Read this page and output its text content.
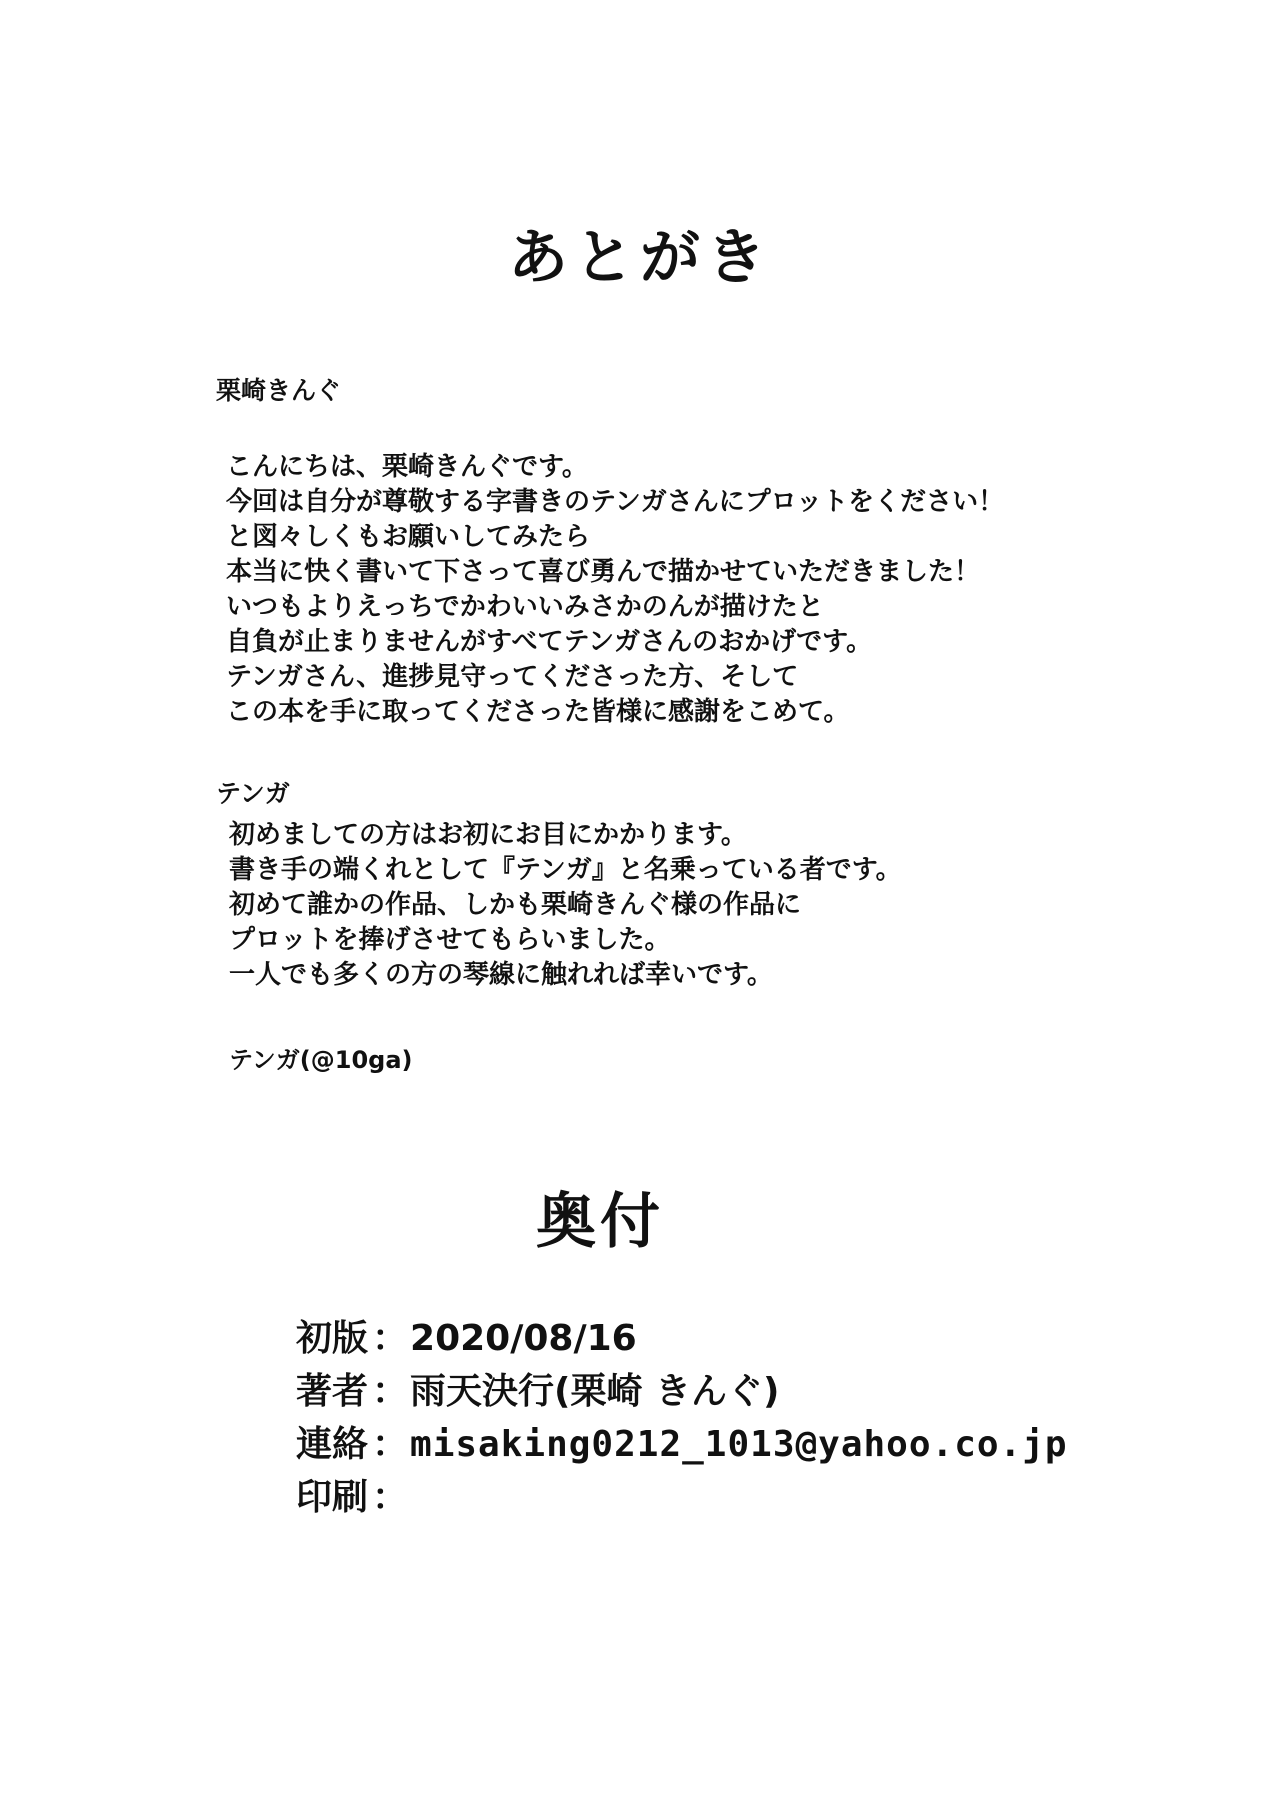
あとがき
栗崎きんぐ
こんにちは、栗崎きんぐです。
今回は自分が尊敬する字書きのテンガさんにプロットをください！
と図々しくもお願いしてみたら
本当に快く書いて下さって喜び勇んで描かせていただきました！
いつもよりえっちでかわいいみさかのんが描けたと
自負が止まりませんがすべてテンガさんのおかげです。
テンガさん、進捗見守ってくださった方、そして
この本を手に取ってくださった皆様に感謝をこめて。
テンガ
初めましての方はお初にお目にかかります。
書き手の端くれとして『テンガ』と名乗っている者です。
初めて誰かの作品、しかも栗崎きんぐ様の作品に
プロットを捧げさせてもらいました。
一人でも多くの方の琴線に触れれば幸いです。
テンガ(@10ga)
奥付
初版 ：2020/08/16
著者 ：雨天決行(栗崎 きんぐ)
連絡 ：misaking0212_1013@yahoo.co.jp
印刷 ：
